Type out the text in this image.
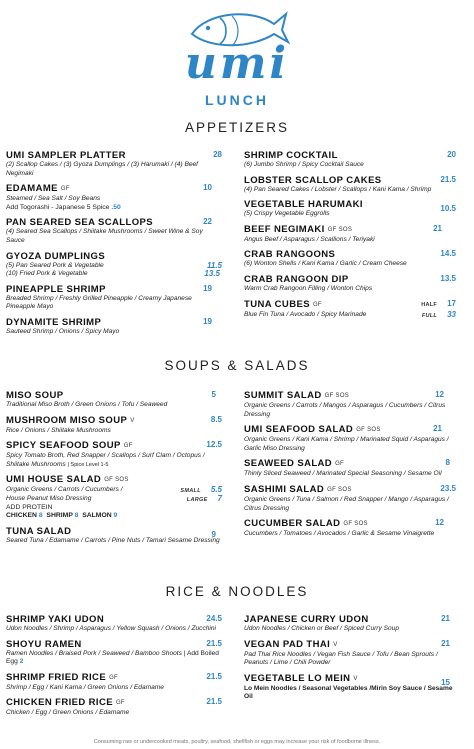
umi
LUNCH
APPETIZERS
UMI SAMPLER PLATTER	28
(2) Scallop Cakes / (3) Gyoza Dumplings / (3) Harumaki / (4) Beef Negimaki
EDAMAME GF	10
Steamed / Sea Salt / Soy Beans
Add Togorashi - Japanese 5 Spice .50
PAN SEARED SEA SCALLOPS	22
(4) Seared Sea Scallops / Shiitake Mushrooms / Sweet Wine & Soy Sauce
GYOZA DUMPLINGS
(5) Pan Seared Pork & Vegetable	11.5
(10) Fried Pork & Vegetable	13.5
PINEAPPLE SHRIMP	19
Breaded Shrimp / Freshly Grilled Pineapple / Creamy Japanese Pineapple Mayo
DYNAMITE SHRIMP	19
Sauteed Shrimp / Onions / Spicy Mayo
SHRIMP COCKTAIL	20
(6) Jumbo Shrimp / Spicy Cocktail Sauce
LOBSTER SCALLOP CAKES	21.5
(4) Pan Seared Cakes / Lobster / Scallops / Kani Kama / Shrimp
VEGETABLE HARUMAKI	10.5
(5) Crispy Vegetable Eggrolls
BEEF NEGIMAKI GF SOS	21
Angus Beef / Asparagus / Scallions / Teriyaki
CRAB RANGOONS	14.5
(6) Wonton Shells / Kani Kama / Garlic / Cream Cheese
CRAB RANGOON DIP	13.5
Warm Crab Rangoon Filling / Wonton Chips
TUNA CUBES GF	HALF 17
Blue Fin Tuna / Avocado / Spicy Marinade	FULL 33
SOUPS & SALADS
MISO SOUP	5
Traditional Miso Broth / Green Onions / Tofu / Seaweed
MUSHROOM MISO SOUP V	8.5
Rice / Onions / Shiitake Mushrooms
SPICY SEAFOOD SOUP GF	12.5
Spicy Tomato Broth, Red Snapper / Scallops / Surf Clam / Octopus / Shiitake Mushrooms | Spice Level 1-5
UMI HOUSE SALAD GF SOS
Organic Greens / Carrots / Cucumbers /	SMALL 5.5
House Peanut Miso Dressing	LARGE 7
ADD PROTEIN
CHICKEN 8 SHRIMP 8 SALMON 9
TUNA SALAD	9
Seared Tuna / Edamame / Carrots / Pine Nuts / Tamari Sesame Dressing
SUMMIT SALAD GF SOS	12
Organic Greens / Carrots / Mangos / Asparagus / Cucumbers / Citrus Dressing
UMI SEAFOOD SALAD GF SOS	21
Organic Greens / Kani Kama / Shrimp / Marinated Squid / Asparagus / Garlic Miso Dressing
SEAWEED SALAD GF	8
Thinly Sliced Seaweed / Marinated Special Seasoning / Sesame Oil
SASHIMI SALAD GF SOS	23.5
Organic Greens / Tuna / Salmon / Red Snapper / Mango / Asparagus / Citrus Dressing
CUCUMBER SALAD GF SOS	12
Cucumbers / Tomatoes / Avocados / Garlic & Sesame Vinaigrette
RICE & NOODLES
SHRIMP YAKI UDON	24.5
Udon Noodles / Shrimp / Asparagus / Yellow Squash / Onions / Zucchini
SHOYU RAMEN	21.5
Ramen Noodles / Braised Pork / Seaweed / Bamboo Shoots | Add Boiled Egg 2
SHRIMP FRIED RICE GF	21.5
Shrimp / Egg / Kani Kama / Green Onions / Edamame
CHICKEN FRIED RICE GF	21.5
Chicken / Egg / Green Onions / Edamame
JAPANESE CURRY UDON	21
Udon Noodles / Chicken or Beef / Spiced Curry Soup
VEGAN PAD THAI V	21
Pad Thai Rice Noodles / Vegan Fish Sauce / Tofu / Bean Sprouts / Peanuts / Lime / Chili Powder
VEGETABLE LO MEIN V	15
Lo Mein Noodles / Seasonal Vegetables /Mirin Soy Sauce / Sesame Oil
Consuming raw or undercooked meats, poultry, seafood, shellfish or eggs may increase your risk of foodborne illness.
